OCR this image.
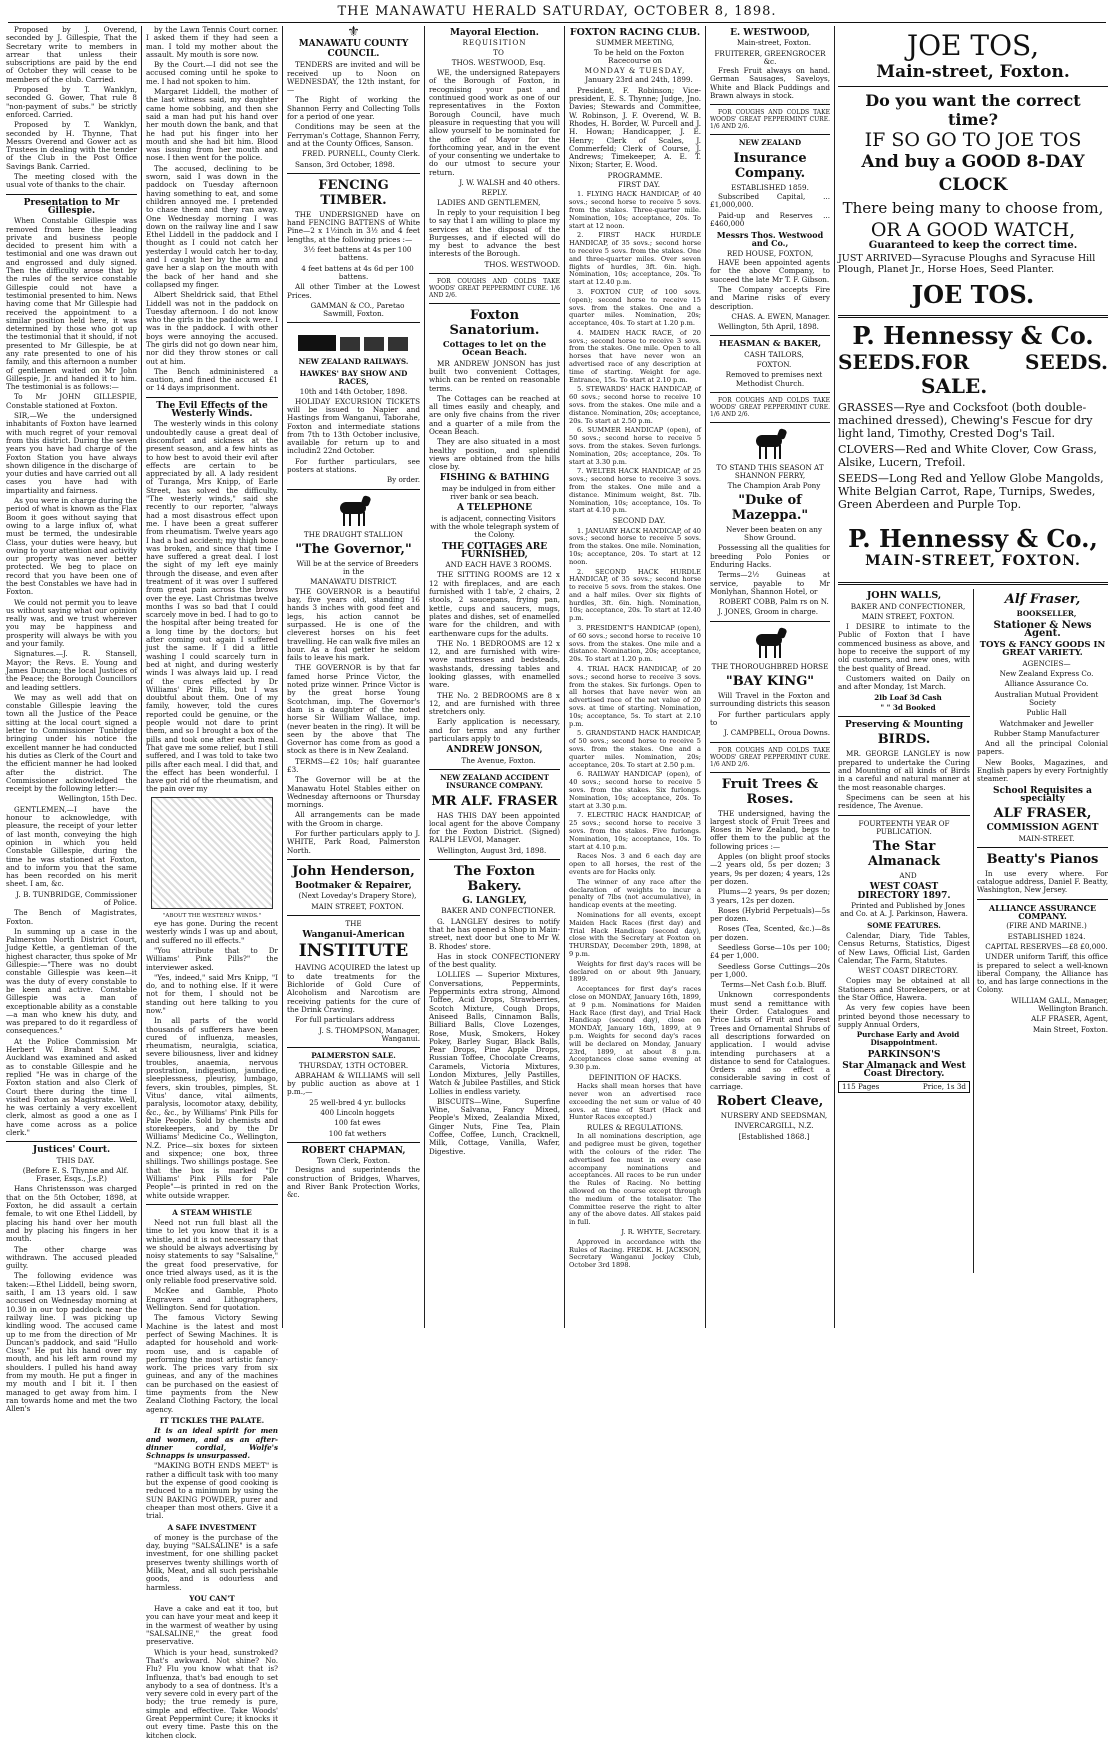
THE MANAWATU HERALD SATURDAY, OCTOBER 8, 1898.

Proposed by J. Overend, seconded by J. Gillespie, That the Secretary write to members in arrear that unless their subscriptions are paid by the end of October they will cease to be members of the club. Carried.

Proposed by T. Wanklyn, seconded G. Gower, That rule 8 "non-payment of subs." be strictly enforced. Carried.

Proposed by T. Wanklyn, seconded by H. Thynne, That Messrs Overend and Gower act as Trustees in dealing with the tender of the Club in the Post Office Savings Bank. Carried.

The meeting closed with the usual vote of thanks to the chair.

Presentation to Mr Gillespie.

When Constable Gillespie was removed from here the leading private and business people decided to present him with a testimonial and one was drawn out and engrossed and duly signed. Then the difficulty arose that by the rules of the service constable Gillespie could not have a testimonial presented to him. News having come that Mr Gillespie had received the appointment to a similar position held here, it was determined by those who got up the testimonial that it should, if not presented to Mr Gillespie, be at any rate presented to one of his family, and this afternoon a number of gentlemen waited on Mr John Gillespie, Jr. and handed it to him. The testimonial is as follows:—

To Mr JOHN GILLESPIE, Constable stationed at Foxton.

SIR,—We the undersigned inhabitants of Foxton have learned with much regret of your removal from this district. During the seven years you have had charge of the Foxton Station you have always shown diligence in the discharge of your duties and have carried out all cases you have had with impartiality and fairness.

As you were in charge during the period of what is known as the Flax Boom it goes without saying that owing to a large influx of, what must be termed, the undesirable Class, your duties were heavy, but owing to your attention and activity our property was never better protected. We beg to place on record that you have been one of the best Constables we have had in Foxton.

We could not permit you to leave us without saying what our opinion really was, and we trust wherever you may be happiness and prosperity will always be with you and your family.

Signatures.—J. R. Stansell, Mayor; the Revs. E. Young and James Duncan; the local Justices of the Peace; the Borough Councillors and leading settlers.

We may as well add that on constable Gillespie leaving the town all the Justice of the Peace sitting at the local court signed a letter to Commissioner Tunbridge bringing under his notice the excellent manner he had conducted his duties as Clerk of the Court and the efficient manner he had looked after the district. The Commissioner acknowledged the receipt by the following letter:—

Wellington, 15th Dec.

GENTLEMEN,—I have the honour to acknowledge, with pleasure, the receipt of your letter of last month, conveying the high opinion in which you held Constable Gillespie, during the time he was stationed at Foxton, and to inform you that the same has been recorded on his merit sheet. I am, &c.

J. B. TUNBRIDGE, Commissioner of Police.

The Bench of Magistrates, Foxton.

In summing up a case in the Palmerston North District Court, Judge Kettle, a gentleman of the highest character, thus spoke of Mr Gillespie:—"There was no doubt constable Gillespie was keen—it was the duty of every constable to be keen and active. Constable Gillespie was a man of exceptionable ability as a constable—a man who knew his duty, and was prepared to do it regardless of consequences."

At the Police Commission Mr Herbert W. Brabant S.M. at Auckland was examined and asked as to constable Gillespie and he replied "He was in charge of the Foxton station and also Clerk of Court there during the time I visited Foxton as Magistrate. Well, he was certainly a very excellent clerk, almost as good a one as I have come across as a police clerk."

Justices' Court.

THIS DAY.

(Before E. S. Thynne and Alf. Fraser, Esqs., J.s.P.)

Hans Christensson was charged that on the 5th October, 1898, at Foxton, he did assault a certain female, to wit one Ethel Liddell, by placing his hand over her mouth and by placing his fingers in her mouth.

The other charge was withdrawn. The accused pleaded guilty.

The following evidence was taken:—Ethel Liddell, being sworn, saith, I am 13 years old. I saw accused on Wednesday morning at 10.30 in our top paddock near the railway line. I was picking up kindling wood. The accused came up to me from the direction of Mr Duncan's paddock, and said "Hullo Cissy." He put his hand over my mouth, and his left arm round my shoulders. I pulled his hand away from my mouth. He put a finger in my mouth and I bit it. I then managed to get away from him. I ran towards home and met the two Allen's

by the Lawn Tennis Court corner. I asked them if they had seen a man. I told my mother about the assault. My mouth is sore now.

By the Court.—I did not see the accused coming until he spoke to me. I had not spoken to him.

Margaret Liddell, the mother of the last witness said, my daughter came home sobbing, and then she said a man had put his hand over her mouth down the bank, and that he had put his finger into her mouth and she had bit him. Blood was issuing from her mouth and nose. I then went for the police.

The accused, declining to be sworn, said I was down in the paddock on Tuesday afternoon having something to eat, and some children annoyed me. I pretended to chase them and they ran away. One Wednesday morning I was down on the railway line and I saw Ethel Liddell in the paddock and I thought as I could not catch her yesterday I would catch her to-day, and I caught her by the arm and gave her a slap on the mouth with the back of her hand and she collapsed my finger.

Albert Sheldrick said, that Ethel Liddell was not in the paddock on Tuesday afternoon. I do not know who the girls in the paddock were. I was in the paddock. I with other boys were annoying the accused. The girls did not go down near him, nor did they throw stones or call out at him.

The Bench admininistered a caution, and fined the accused £1 or 14 days imprisonment.

The Evil Effects of the Westerly Winds.

The westerly winds in this colony undoubtedly cause a great deal of discomfort and sickness at the present season, and a few hints as to how best to avoid their evil after effects are certain to be appreciated by all. A lady resident of Turanga, Mrs Knipp, of Earle Street, has solved the difficulty. "The westerly winds," said she recently to our reporter, "always had a most disastrous effect upon me. I have been a great sufferer from rheumatism. Twelve years ago I had a bad accident; my thigh bone was broken, and since that time I have suffered a great deal. I lost the sight of my left eye mainly through the disease, and even after treatment of it was over I suffered from great pain across the brows over the eye. Last Christmas twelve months I was so bad that I could scarcely move in bed. I had to go to the hospital after being treated for a long time by the doctors; but after coming out again I suffered just the same. If I did a little washing I could scarcely turn in bed at night, and during westerly winds I was always laid up. I read of the cures effected by Dr Williams' Pink Pills, but I was doubtful about them. One of my family, however, told the cures reported could be genuine, or the people would not dare to print them, and so I brought a box of the pills and took one after each meal. That gave me some relief, but I still suffered, and I was told to take two pills after each meal. I did that, and the effect has been wonderful. I have got rid of the rheumatism, and the pain over my

"ABOUT THE WESTERLY WINDS."

eye has gone. During the recent westerly winds I was up and about, and suffered no ill effects."

"You attribute that to Dr Williams' Pink Pills?" the interviewer asked.

"Yes, indeed," said Mrs Knipp, "I do, and to nothing else. If it were not for them, I should not be standing out here talking to you now."

In all parts of the world thousands of sufferers have been cured of influenza, measles, rheumatism, neuralgia, sciatica, severe biliousness, liver and kidney troubles, anaemia, nervous prostration, indigestion, jaundice, sleeplessness, pleurisy, lumbago, fevers, skin troubles, pimples, St. Vitus' dance, vital ailments, paralysis, locomotor ataxy, debility, &c., &c., by Williams' Pink Pills for Pale People. Sold by chemists and storekeepers, and by the Dr Williams' Medicine Co., Wellington, N.Z. Price—six boxes for sixteen and sixpence; one box, three shillings. Two shillings postage. See that the box is marked "Dr Williams' Pink Pills for Pale People"—is printed in red on the white outside wrapper.

A STEAM WHISTLE

Need not run full blast all the time to let you know that it is a whistle, and it is not necessary that we should be always advertising by noisy statements to say "Salsaline," the great food preservative, for once tried always used, as it is the only reliable food preservative sold.

McKee and Gamble, Photo Engravers and Lithographers, Wellington. Send for quotation.

The famous Victory Sewing Machine is the latest and most perfect of Sewing Machines. It is adapted for household and work-room use, and is capable of performing the most artistic fancy-work. The prices vary from six guineas, and any of the machines can be purchased on the easiest of time payments from the New Zealand Clothing Factory, the local agency.

IT TICKLES THE PALATE.

It is an ideal spirit for men and women, and as an after-dinner cordial, Wolfe's Schnapps is unsurpassed.

"MAKING BOTH ENDS MEET" is rather a difficult task with too many but the expense of good cooking is reduced to a minimum by using the SUN BAKING POWDER, purer and cheaper than most others. Give it a trial.

A SAFE INVESTMENT

of money is the purchase of the day, buying "SALSALINE" is a safe investment, for one shilling packet preserves twenty shillings worth of Milk, Meat, and all such perishable goods, and is odourless and harmless.

YOU CAN'T

Have a cake and eat it too, but you can have your meat and keep it in the warmest of weather by using "SALSALINE," the great food preservative.

Which is your head, sunstroked? That's awkward. Not shine? No. Flu? Flu you know what that is? Influenza, that's bad enough to set anybody to a sea of dontness. It's a very severe cold in every part of the body; the true remedy is pure, simple and effective. Take Woods' Great Peppermint Cure; it knocks it out every time. Paste this on the kitchen clock.

⚜
MANAWATU COUNTY COUNCIL.

TENDERS are invited and will be received up to Noon on WEDNESDAY, the 12th instant, for—

The Right of working the Shannon Ferry and Collecting Tolls for a period of one year.

Conditions may be seen at the Ferryman's Cottage, Shannon Ferry, and at the County Offices, Sanson.

FRED. PURNELL, County Clerk.

Sanson, 3rd October, 1898.

FENCING TIMBER.

THE UNDERSIGNED have on hand FENCING BATTENS of White Pine—2 x 1½inch in 3½ and 4 feet lengths, at the following prices :—

3½ feet battens at 4s per 100 battens.

4 feet battens at 4s 6d per 100 battens.

All other Timber at the Lowest Prices.

GAMMAN & CO., Paretao Sawmill, Foxton.

NEW ZEALAND RAILWAYS.
HAWKES' BAY SHOW AND RACES,
10th and 14th October, 1898.

HOLIDAY EXCURSION TICKETS will be issued to Napier and Hastings from Wanganui, Taborahe, Foxton and intermediate stations from 7th to 13th October inclusive, available for return up to and includin2 22nd October.

For further particulars, see posters at stations.

By order.

THE DRAUGHT STALLION
"The Governor,"

Will be at the service of Breeders in the

MANAWATU DISTRICT.

THE GOVERNOR is a beautiful bay, five years old, standing 16 hands 3 inches with good feet and legs, his action cannot be surpassed. He is one of the cleverest horses on his feet travelling. He can walk five miles an hour. As a foal getter he seldom fails to leave his mark.

THE GOVERNOR is by that far famed horse Prince Victor, the noted prize winner. Prince Victor is by the great horse Young Scotchman, imp. The Governor's dam is a daughter of the noted horse Sir William Wallace, imp. (never beaten in the ring). It will be seen by the above that The Governor has come from as good a stock as there is in New Zealand.

TERMS—£2 10s; half guarantee £3.

The Governor will be at the Manawatu Hotel Stables either on Wednesday afternoons or Thursday mornings.

All arrangements can be made with the Groom in charge.

For further particulars apply to J. WHITE, Park Road, Palmerston North.

John Henderson,
Bootmaker & Repairer,

(Next Loveday's Drapery Store),

MAIN STREET, FOXTON.

THE
Wanganui-American
INSTITUTE

HAVING ACQUIRED the latest up to date treatments for the Bichloride of Gold Cure of Alcoholism and Narcotism are receiving patients for the cure of the Drink Craving.

For full particulars address

J. S. THOMPSON, Manager, Wanganui.

PALMERSTON SALE.
THURSDAY, 13TH OCTOBER.

ABRAHAM & WILLIAMS will sell by public auction as above at 1 p.m.,—

25 well-bred 4 yr. bullocks

400 Lincoln hoggets

100 fat ewes

100 fat wethers

ROBERT CHAPMAN,
Town Clerk, Foxton.

Designs and superintends the construction of Bridges, Wharves, and River Bank Protection Works, &c.

Mayoral Election.
REQUISITION

TO

THOS. WESTWOOD, Esq.

WE, the undersigned Ratepayers of the Borough of Foxton, in recognising your past and continued good work as one of our representatives in the Foxton Borough Council, have much pleasure in requesting that you will allow yourself to be nominated for the office of Mayor for the forthcoming year, and in the event of your consenting we undertake to do our utmost to secure your return.

J. W. WALSH and 40 others.

REPLY.

LADIES AND GENTLEMEN,

In reply to your requisition I beg to say that I am willing to place my services at the disposal of the Burgesses, and if elected will do my best to advance the best interests of the Borough.

THOS. WESTWOOD.

FOR COUGHS AND COLDS TAKE WOODS' GREAT PEPPERMINT CURE. 1/6 AND 2/6.

Foxton Sanatorium.
Cottages to let on the Ocean Beach.

MR ANDREW JONSON has just built two convenient Cottages, which can be rented on reasonable terms.

The Cottages can be reached at all times easily and cheaply, and are only five chains from the river and a quarter of a mile from the Ocean Beach.

They are also situated in a most healthy position, and splendid views are obtained from the hills close by.

FISHING & BATHING

may be indulged in from either river bank or sea beach.

A TELEPHONE

is adjacent, connecting Visitors with the whole telegraph system of the Colony.

THE COTTAGES ARE FURNISHED,

AND EACH HAVE 3 ROOMS.

THE SITTING ROOMS are 12 x 12 with fireplaces, and are each furnished with 1 tab'e, 2 chairs, 2 stools, 2 saucepans, frying pan, kettle, cups and saucers, mugs, plates and dishes, set of enamelled ware for the children, and with earthenware cups for the adults.

THE No. 1 BEDROOMS are 12 x 12, and are furnished with wire-wove mattresses and bedsteads, washstands, dressing tables and looking glasses, with enamelled ware.

THE No. 2 BEDROOMS are 8 x 12, and are furnished with three stretchers only.

Early application is necessary, and for terms and any further particulars apply to

ANDREW JONSON,

The Avenue, Foxton.

NEW ZEALAND ACCIDENT INSURANCE COMPANY.
MR ALF. FRASER

HAS THIS DAY been appointed local agent for the above Company for the Foxton District. (Signed) RALPH LEVOI, Manager.

Wellington, August 3rd, 1898.

The Foxton Bakery.
G. LANGLEY,

BAKER AND CONFECTIONER.

G. LANGLEY desires to notify that he has opened a Shop in Main-street, next door but one to Mr W. B. Rhodes' store.

Has in stock CONFECTIONERY of the best quality.

LOLLIES — Superior Mixtures, Conversations, Peppermints, Peppermints extra strong, Almond Toffee, Acid Drops, Strawberries, Scotch Mixture, Cough Drops, Aniseed Balls, Cinnamon Balls, Billiard Balls, Clove Lozenges, Rose, Musk, Smokers, Hokey Pokey, Barley Sugar, Black Balls, Pear Drops, Pine Apple Drops, Russian Toffee, Chocolate Creams, Caramels, Victoria Mixtures, London Mixtures, Jelly Pastilles, Watch & Jubilee Pastilles, and Stick Lollies in endless variety.

BISCUITS—Wine, Superfine Wine, Salvana, Fancy Mixed, People's Mixed, Zealandia Mixed, Ginger Nuts, Fine Tea, Plain Coffee, Coffee, Lunch, Cracknell, Milk, Cottage, Vanilla, Wafer, Digestive.

FOXTON RACING CLUB.
SUMMER MEETING,

To be held on the Foxton Racecourse on

MONDAY & TUESDAY,

January 23rd and 24th, 1899.

President, F. Robinson; Vice-president, E. S. Thynne; Judge, Jno. Davies; Stewards and Committee, W. Robinson, J. F. Overend, W. B. Rhodes, H. Border, W. Purcell and J. H. Howan; Handicapper, J. E. Henry; Clerk of Scales, J. Commerfeld; Clerk of Course, J. Andrews; Timekeeper, A. E. T. Nixon; Starter, E. Wood.

PROGRAMME.

FIRST DAY.

1. FLYING HACK HANDICAP, of 40 sovs.; second horse to receive 5 sovs. from the stakes. Three-quarter mile. Nomination, 10s; acceptance, 20s. To start at 12 noon.

2. FIRST HACK HURDLE HANDICAP, of 35 sovs.; second horse to receive 5 sovs. from the stakes. One and three-quarter miles. Over seven flights of hurdles, 3ft. 6in. high. Nomination, 10s; acceptance, 20s. To start at 12.40 p.m.

3. FOXTON CUP, of 100 sovs. (open); second horse to receive 15 sovs. from the stakes. One and a quarter miles. Nomination, 20s; acceptance, 40s. To start at 1.20 p.m.

4. MAIDEN HACK RACE, of 20 sovs.; second horse to receive 3 sovs. from the stakes. One mile. Open to all horses that have never won an advertised race of any description at time of starting. Weight for age. Entrance, 15s. To start at 2.10 p.m.

5. STEWARDS' HACK HANDICAP, of 60 sovs.; second horse to receive 10 sovs. from the stakes. One mile and a distance. Nomination, 20s; acceptance, 20s. To start at 2.50 p.m.

6. SUMMER HANDICAP (open), of 50 sovs.; second horse to receive 5 sovs. from the stakes. Seven furlongs. Nomination, 20s; acceptance, 20s. To start at 3.30 p.m.

7. WELTER HACK HANDICAP, of 25 sovs.; second horse to receive 3 sovs. from the stakes. One mile and a distance. Minimum weight, 8st. 7lb. Nomination, 10s; acceptance, 10s. To start at 4.10 p.m.

SECOND DAY.

1. JANUARY HACK HANDICAP, of 40 sovs.; second horse to receive 5 sovs. from the stakes. One mile. Nomination, 10s; acceptance, 20s. To start at 12 noon.

2. SECOND HACK HURDLE HANDICAP, of 35 sovs.; second horse to receive 5 sovs. from the stakes. One and a half miles. Over six flights of hurdles, 3ft. 6in. high. Nomination, 10s; acceptance, 20s. To start at 12.40 p.m.

3. PRESIDENT'S HANDICAP (open), of 60 sovs.; second horse to receive 10 sovs. from the stakes. One mile and a distance. Nomination, 20s; acceptance, 20s. To start at 1.20 p.m.

4. TRIAL HACK HANDICAP, of 20 sovs.; second horse to receive 3 sovs. from the stakes. Six furlongs. Open to all horses that have never won an advertised race of the net value of 20 sovs. at time of starting. Nomination, 10s; acceptance, 5s. To start at 2.10 p.m.

5. GRANDSTAND HACK HANDICAP, of 50 sovs.; second horse to receive 5 sovs. from the stakes. One and a quarter miles. Nomination, 20s; acceptance, 20s. To start at 2.50 p.m.

6. RAILWAY HANDICAP (open), of 40 sovs.; second horse to receive 5 sovs. from the stakes. Six furlongs. Nomination, 10s; acceptance, 20s. To start at 3.30 p.m.

7. ELECTRIC HACK HANDICAP, of 25 sovs.; second horse to receive 3 sovs. from the stakes. Five furlongs. Nomination, 10s; acceptance, 10s. To start at 4.10 p.m.

Races Nos. 3 and 6 each day are open to all horses, the rest of the events are for Hacks only.

The winner of any race after the declaration of weights to incur a penalty of 7lbs (not accumulative), in handicap events at the meeting.

Nominations for all events, except Maiden Hack Races (first day) and Trial Hack Handicap (second day), close with the Secretary at Foxton on THURSDAY, December 29th, 1898, at 9 p.m.

Weights for first day's races will be declared on or about 9th January, 1899.

Acceptances for first day's races close on MONDAY, January 16th, 1899, at 9 p.m. Nominations for Maiden Hack Race (first day), and Trial Hack Handicap (second day), close on MONDAY, January 16th, 1899, at 9 p.m. Weights for second day's races will be declared on Monday, January 23rd, 1899, at about 8 p.m. Acceptances close same evening at 9.30 p.m.

DEFINITION OF HACKS.

Hacks shall mean horses that have never won an advertised race exceeding the net sum or value of 40 sovs. at time of Start (Hack and Hunter Races excepted.)

RULES & REGULATIONS.

In all nominations description, age and pedigree must be given, together with the colours of the rider. The advertised fee must in every case accompany nominations and acceptances. All races to be run under the Rules of Racing. No betting allowed on the course except through the medium of the totalisator. The Committee reserve the right to alter any of the above dates. All stakes paid in full.

J. R. WHYTE, Secretary.

Approved in accordance with the Rules of Racing. FREDK. H. JACKSON, Secretary Wanganui Jockey Club, October 3rd 1898.

E. WESTWOOD,

Main-street, Foxton.

FRUITERER, GREENGROCER &c.

Fresh Fruit always on hand. German Sausages, Saveloys, White and Black Puddings and Brawn always in stock.

FOR COUGHS AND COLDS TAKE WOODS' GREAT PEPPERMINT CURE. 1/6 AND 2/6.

NEW ZEALAND
Insurance Company.
ESTABLISHED 1859.

Subscribed Capital, ... £1,000,000.

Paid-up and Reserves ... £460,000

Messrs Thos. Westwood and Co.,
RED HOUSE, FOXTON,

HAVE been appointed agents for the above Company, to succeed the late Mr T. F. Gibson.

The Company accepts Fire and Marine risks of every description.

CHAS. A. EWEN, Manager.

Wellington, 5th April, 1898.

HEASMAN & BAKER,

CASH TAILORS,

FOXTON.

Removed to premises next Methodist Church.

FOR COUGHS AND COLDS TAKE WOODS' GREAT PEPPERMINT CURE. 1/6 AND 2/6.

TO STAND THIS SEASON AT SHANNON FERRY,

The Champion Arab Pony

"Duke of Mazeppa."

Never been beaten on any Show Ground.

Possessing all the qualities for breeding Polo Ponies or Enduring Hacks.

Terms—2½ Guineas at service, payable to Mr Monlyhan, Shannon Hotel, or

ROBERT COBB, Palm rs on N.

J. JONES, Groom in charge.

THE THOROUGHBRED HORSE
"BAY KING"

Will Travel in the Foxton and surrounding districts this season

For further particulars apply to

J. CAMPBELL, Oroua Downs.

FOR COUGHS AND COLDS TAKE WOODS' GREAT PEPPERMINT CURE. 1/6 AND 2/6.

Fruit Trees & Roses.

THE undersigned, having the largest stock of Fruit Trees and Roses in New Zealand, begs to offer them to the public at the following prices :—

Apples (on blight proof stocks—2 years old, 5s per dozen; 3 years, 9s per dozen; 4 years, 12s per dozen.

Plums—2 years, 9s per dozen; 3 years, 12s per dozen.

Roses (Hybrid Perpetuals)—5s per dozen.

Roses (Tea, Scented, &c.)—8s per dozen.

Seedless Gorse—10s per 100; £4 per 1,000.

Seedless Gorse Cuttings—20s per 1,000.

Terms—Net Cash f.o.b. Bluff.

Unknown correspondents must send a remittance with their Order. Catalogues and Price Lists of Fruit and Forest Trees and Ornamental Shrubs of all descriptions forwarded on application. I would advise intending purchasers at a distance to send for Catalogues. Orders and so effect a considerable saving in cost of carriage.

Robert Cleave,

NURSERY AND SEEDSMAN,

INVERCARGILL, N.Z.

[Established 1868.]

JOE TOS,
Main-street, Foxton.
Do you want the correct time?
IF SO GO TO JOE TOS
And buy a GOOD 8-DAY CLOCK
There being many to choose from,
OR A GOOD WATCH,
Guaranteed to keep the correct time.
JUST ARRIVED—Syracuse Ploughs and Syracuse Hill Plough, Planet Jr., Horse Hoes, Seed Planter.
JOE TOS.
P. Hennessy & Co.
SEEDS. FOR SALE.
SEEDS.
GRASSES—Rye and Cocksfoot (both double-machined dressed), Chewing's Fescue for dry light land, Timothy, Crested Dog's Tail.
CLOVERS—Red and White Clover, Cow Grass, Alsike, Lucern, Trefoil.
SEEDS—Long Red and Yellow Globe Mangolds, White Belgian Carrot, Rape, Turnips, Swedes, Green Aberdeen and Purple Top.
P. Hennessy & Co.,
MAIN-STREET, FOXTON.
JOHN WALLS,

BAKER AND CONFECTIONER,

MAIN STREET, FOXTON.

I DESIRE to intimate to the Public of Foxton that I have commenced business as above, and hope to receive the support of my old customers, and new ones, with the best quality of Bread.

Customers waited on Daily on and after Monday, 1st March.

2lb Loaf 3d Cash

" " 3d Booked

Preserving & Mounting
BIRDS.

MR. GEORGE LANGLEY is now prepared to undertake the Curing and Mounting of all kinds of Birds in a careful and natural manner at the most reasonable charges.

Specimens can be seen at his residence, The Avenue.

FOURTEENTH YEAR OF PUBLICATION.
The Star Almanack

AND

WEST COAST DIRECTORY 1897.

Printed and Published by Jones and Co. at A. J. Parkinson, Hawera.

SOME FEATURES.

Calendar, Diary, Tide Tables, Census Returns, Statistics, Digest of New Laws, Official List, Garden Calendar, The Farm, Statutes.

WEST COAST DIRECTORY.

Copies may be obtained at all Stationers and Storekeepers, or at the Star Office, Hawera.

As very few copies have been printed beyond those necessary to supply Annual Orders,

Purchase Early and Avoid Disappointment.

PARKINSON'S
Star Almanack and West Coast Directory.
115 Pages	Price, 1s 3d
Alf Fraser,

BOOKSELLER,

Stationer & News Agent.
TOYS & FANCY GOODS IN GREAT VARIETY.

AGENCIES—

New Zealand Express Co.

Alliance Assurance Co.

Australian Mutual Provident Society

Public Hall

Watchmaker and Jeweller

Rubber Stamp Manufacturer

And all the principal Colonial papers.

New Books, Magazines, and English papers by every Fortnightly steamer.

School Requisites a specialty
ALF FRASER,
COMMISSION AGENT

MAIN-STREET.

Beatty's Pianos

In use every where. For catalogue address, Daniel F. Beatty, Washington, New Jersey.

ALLIANCE ASSURANCE COMPANY.

(FIRE AND MARINE.)

ESTABLISHED 1824.

CAPITAL RESERVES—£8 £0,000.

UNDER uniform Tariff, this office is prepared to select a well-known liberal Company, the Alliance has to, and has large connections in the Colony.

WILLIAM GALL, Manager, Wellington Branch.

ALF FRASER, Agent,

Main Street, Foxton.
